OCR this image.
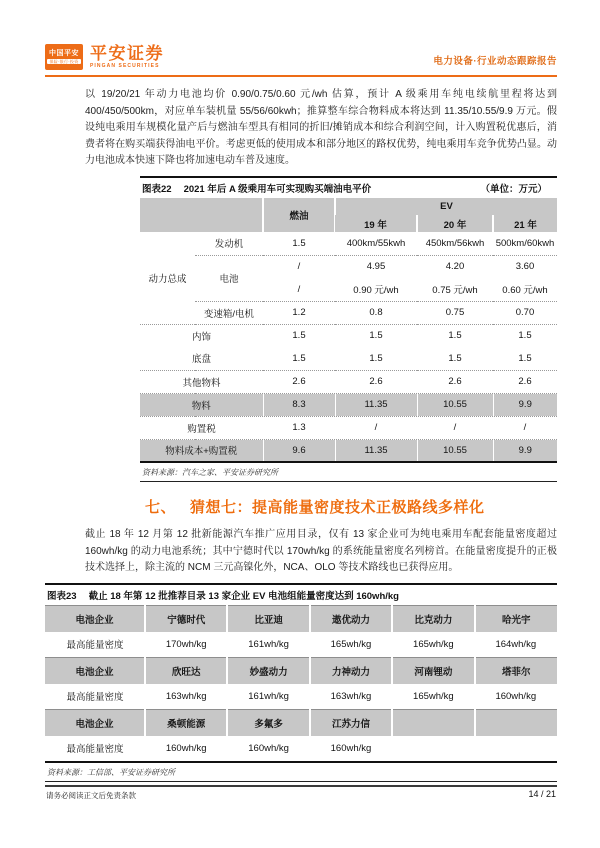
中国平安
保险·银行·投资 平安证券
PINGAN SECURITIES	电力设备·行业动态跟踪报告
以 19/20/21 年动力电池均价 0.90/0.75/0.60 元/wh 估算，预计 A 级乘用车纯电续航里程将达到 400/450/500km，对应单车装机量 55/56/60kwh；推算整车综合物料成本将达到 11.35/10.55/9.9 万元。假设纯电乘用车规模化量产后与燃油车型具有相同的折旧/摊销成本和综合利润空间，计入购置税优惠后，消费者将在购买端获得油电平价。考虑更低的使用成本和部分地区的路权优势，纯电乘用车竞争优势凸显。动力电池成本快速下降也将加速电动车普及速度。
图表22 2021 年后 A 级乘用车可实现购买端油电平价	（单位：万元）
		燃油	EV		
			19 年	20 年	21 年
动力总成	发动机	1.5	400km/55kwh	450km/56kwh	500km/60kwh
	电池	/	4.95	4.20	3.60
		/	0.90 元/wh	0.75 元/wh	0.60 元/wh
	变速箱/电机	1.2	0.8	0.75	0.70
内饰		1.5	1.5	1.5	1.5
底盘		1.5	1.5	1.5	1.5
其他物料		2.6	2.6	2.6	2.6
物料		8.3	11.35	10.55	9.9
购置税		1.3	/	/	/
物料成本+购置税		9.6	11.35	10.55	9.9
资料来源：汽车之家、平安证券研究所
七、 猜想七：提高能量密度技术正极路线多样化
截止 18 年 12 月第 12 批新能源汽车推广应用目录，仅有 13 家企业可为纯电乘用车配套能量密度超过 160wh/kg 的动力电池系统；其中宁德时代以 170wh/kg 的系统能量密度名列榜首。在能量密度提升的正极技术选择上，除主流的 NCM 三元高镍化外，NCA、OLO 等技术路线也已获得应用。
图表23 截止 18 年第 12 批推荐目录 13 家企业 EV 电池组能量密度达到 160wh/kg
电池企业	宁德时代	比亚迪	遨优动力	比克动力	哈光宇
最高能量密度	170wh/kg	161wh/kg	165wh/kg	165wh/kg	164wh/kg
电池企业	欣旺达	妙盛动力	力神动力	河南锂动	塔菲尔
最高能量密度	163wh/kg	161wh/kg	163wh/kg	165wh/kg	160wh/kg
电池企业	桑顿能源	多氟多	江苏力信		
最高能量密度	160wh/kg	160wh/kg	160wh/kg		
资料来源：工信部、平安证券研究所
请务必阅读正文后免责条款	14 / 21
